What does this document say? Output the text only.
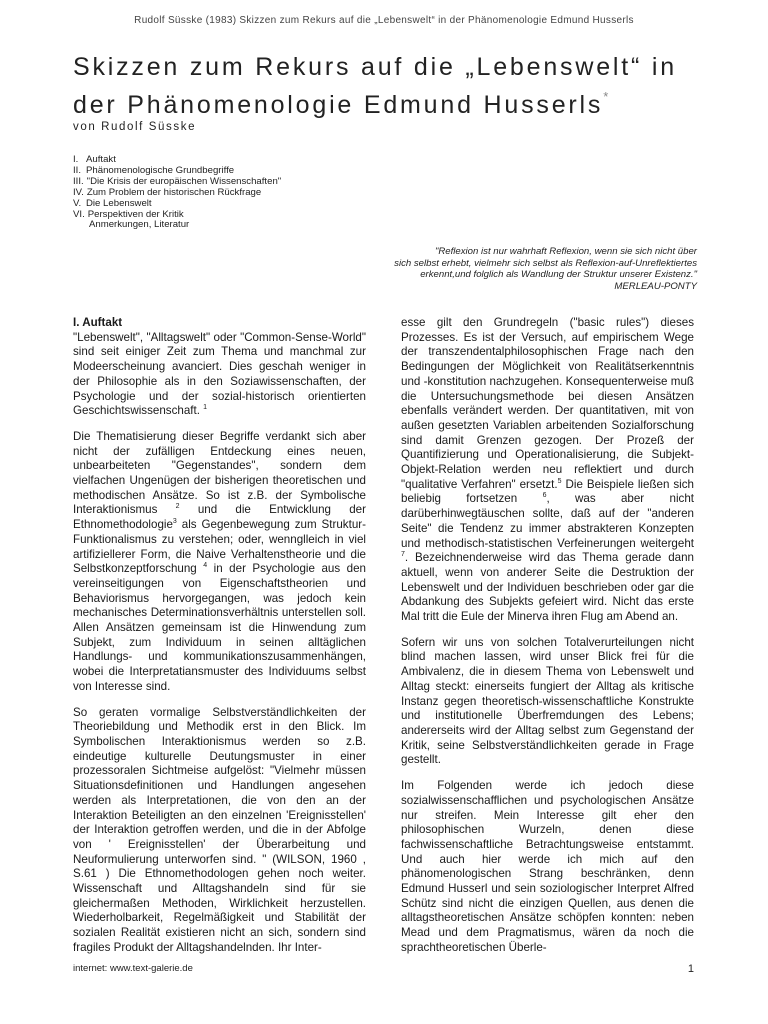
Rudolf Süsske (1983) Skizzen zum Rekurs auf die „Lebenswelt“ in der Phänomenologie Edmund Husserls
Skizzen zum Rekurs auf die „Lebenswelt“ in
der Phänomenologie Edmund Husserls*
von Rudolf Süsske
I. Auftakt
II. Phänomenologische Grundbegriffe
III. "Die Krisis der europäischen Wissenschaften"
IV. Zum Problem der historischen Rückfrage
V. Die Lebenswelt
VI. Perspektiven der Kritik
Anmerkungen, Literatur

"Reflexion ist nur wahrhaft Reflexion, wenn sie sich nicht über

sich selbst erhebt, vielmehr sich selbst als Reflexion-auf-Unreflektiertes

erkennt,und folglich als Wandlung der Struktur unserer Existenz."

MERLEAU-PONTY

I. Auftakt

"Lebenswelt", "Alltagswelt" oder "Common-Sense-World" sind seit einiger Zeit zum Thema und manchmal zur Modeerscheinung avanciert. Dies geschah weniger in der Philosophie als in den Soziawissenschaften, der Psychologie und der sozial-historisch orientierten Geschichtswissenschaft. $^1$

Die Thematisierung dieser Begriffe verdankt sich aber nicht der zufälligen Entdeckung eines neuen, unbearbeiteten "Gegenstandes", sondern dem vielfachen Ungenügen der bisherigen theoretischen und methodischen Ansätze. So ist z.B. der Symbolische Interaktionismus	$^2$ und die Entwicklung der Ethnomethodologie$^3$ als Gegenbewegung zum Struktur-Funktionalismus zu verstehen; oder, wennglleich in viel artifiziellerer Form, die Naive Verhaltenstheorie und die Selbstkonzeptforschung $^4$ in der Psychologie aus den vereinseitigungen von Eigenschaftstheorien und Behaviorismus hervorgegangen, was jedoch kein mechanisches Determinationsverhältnis unterstellen soll. Allen Ansätzen gemeinsam ist die Hinwendung zum Subjekt, zum Individuum in seinen alltäglichen Handlungs- und kommunikationszusammenhängen, wobei die Interpretatiansmuster des Individuums selbst von Interesse sind.

So geraten vormalige Selbstverständlichkeiten der Theoriebildung und Methodik erst in den Blick. Im Symbolischen Interaktionismus werden so z.B. eindeutige kulturelle Deutungsmuster in einer prozessoralen Sichtmeise aufgelöst: "Vielmehr müssen Situationsdefinitionen und Handlungen angesehen werden als Interpretationen, die von den an der Interaktion Beteiligten an den einzelnen 'Ereignisstellen' der Interaktion getroffen werden, und die in der Abfolge von ' Ereignisstellen' der Überarbeitung und Neuformulierung unterworfen sind. " (WILSON, 1960 , S.61 ) Die Ethnomethodologen gehen noch weiter. Wissenschaft und Alltagshandeln sind für sie gleichermaßen Methoden, Wirklichkeit herzustellen. Wiederholbarkeit, Regelmäßigkeit und Stabilität der sozialen Realität existieren nicht an sich, sondern sind fragiles Produkt der Alltagshandelnden. Ihr Inter-

esse gilt den Grundregeln ("basic rules") dieses Prozesses. Es ist der Versuch, auf empirischem Wege der transzendentalphilosophischen Frage nach den Bedingungen der Möglichkeit von Realitätserkenntnis und -konstitution nachzugehen. Konsequenterweise muß die Untersuchungsmethode bei diesen Ansätzen ebenfalls verändert werden. Der quantitativen, mit von außen gesetzten Variablen arbeitenden Sozialforschung sind damit Grenzen gezogen. Der Prozeß der Quantifizierung und Operationalisierung, die Subjekt-Objekt-Relation werden neu reflektiert und durch "qualitative Verfahren" ersetzt.$^5$ Die Beispiele ließen sich beliebig fortsetzen	$^6$, was aber nicht darüberhinwegtäuschen sollte, daß auf der "anderen Seite" die Tendenz zu immer abstrakteren Konzepten und methodisch-statistischen Verfeinerungen weitergeht $^7$. Bezeichnenderweise wird das Thema gerade dann aktuell, wenn von anderer Seite die Destruktion der Lebenswelt und der Individuen beschrieben oder gar die Abdankung des Subjekts gefeiert wird. Nicht das erste Mal tritt die Eule der Minerva ihren Flug am Abend an.

Sofern wir uns von solchen Totalverurteilungen nicht blind machen lassen, wird unser Blick frei für die Ambivalenz, die in diesem Thema von Lebenswelt und Alltag steckt: einerseits fungiert der Alltag als kritische Instanz gegen theoretisch-wissenschaftliche Konstrukte und institutionelle Überfremdungen des Lebens; andererseits wird der Alltag selbst zum Gegenstand der Kritik, seine Selbstverständlichkeiten gerade in Frage gestellt.

Im Folgenden werde ich jedoch diese sozialwissenschafflichen und psychologischen Ansätze nur streifen. Mein Interesse gilt eher den philosophischen Wurzeln, denen diese fachwissenschaftliche Betrachtungsweise entstammt. Und auch hier werde ich mich auf den phänomenologischen Strang beschränken, denn Edmund Husserl und sein soziologischer Interpret Alfred Schütz sind nicht die einzigen Quellen, aus denen die alltagstheoretischen Ansätze schöpfen konnten: neben Mead und dem Pragmatismus, wären da noch die sprachtheoretischen Überle-

internet: www.text-galerie.de	1
